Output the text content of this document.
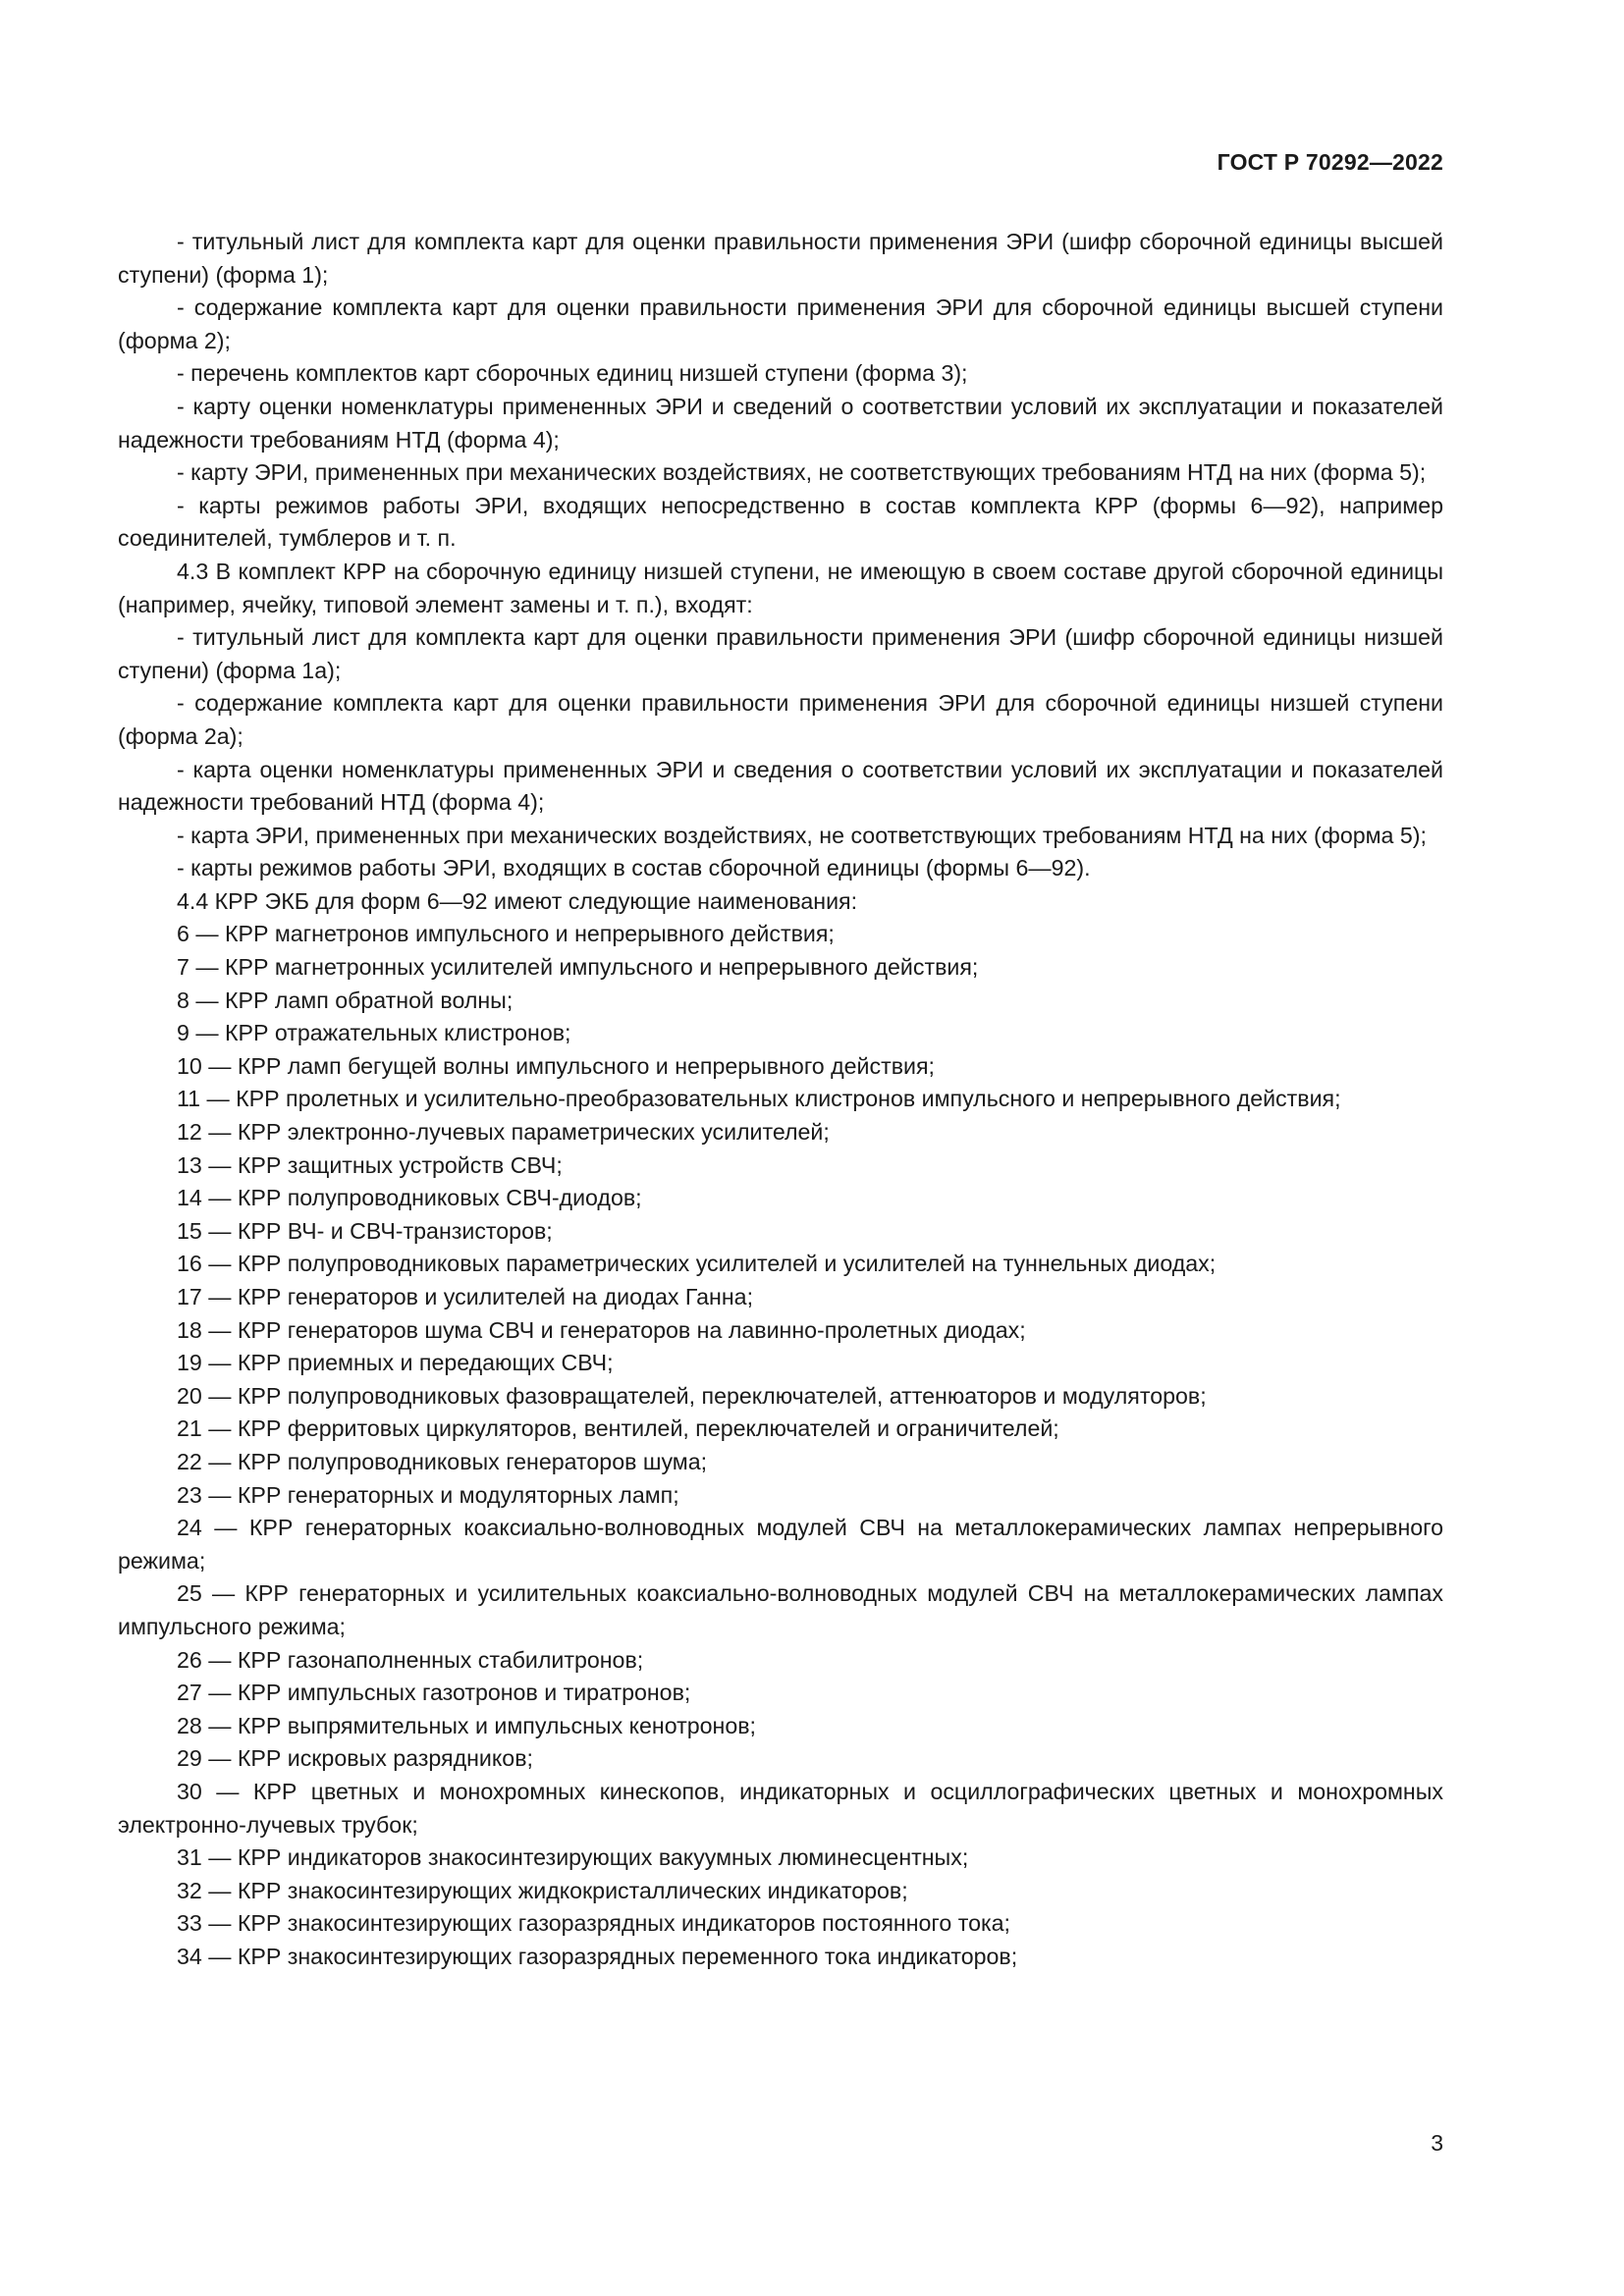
ГОСТ Р 70292—2022

- титульный лист для комплекта карт для оценки правильности применения ЭРИ (шифр сборочной единицы высшей ступени) (форма 1);

- содержание комплекта карт для оценки правильности применения ЭРИ для сборочной единицы высшей ступени (форма 2);

- перечень комплектов карт сборочных единиц низшей ступени (форма 3);

- карту оценки номенклатуры примененных ЭРИ и сведений о соответствии условий их эксплуатации и показателей надежности требованиям НТД (форма 4);

- карту ЭРИ, примененных при механических воздействиях, не соответствующих требованиям НТД на них (форма 5);

- карты режимов работы ЭРИ, входящих непосредственно в состав комплекта КРР (формы 6—92), например соединителей, тумблеров и т. п.

4.3 В комплект КРР на сборочную единицу низшей ступени, не имеющую в своем составе другой сборочной единицы (например, ячейку, типовой элемент замены и т. п.), входят:

- титульный лист для комплекта карт для оценки правильности применения ЭРИ (шифр сборочной единицы низшей ступени) (форма 1а);

- содержание комплекта карт для оценки правильности применения ЭРИ для сборочной единицы низшей ступени (форма 2а);

- карта оценки номенклатуры примененных ЭРИ и сведения о соответствии условий их эксплуатации и показателей надежности требований НТД (форма 4);

- карта ЭРИ, примененных при механических воздействиях, не соответствующих требованиям НТД на них (форма 5);

- карты режимов работы ЭРИ, входящих в состав сборочной единицы (формы 6—92).

4.4 КРР ЭКБ для форм 6—92 имеют следующие наименования:

6 — КРР магнетронов импульсного и непрерывного действия;

7 — КРР магнетронных усилителей импульсного и непрерывного действия;

8 — КРР ламп обратной волны;

9 — КРР отражательных клистронов;

10 — КРР ламп бегущей волны импульсного и непрерывного действия;

11 — КРР пролетных и усилительно-преобразовательных клистронов импульсного и непрерывного действия;

12 — КРР электронно-лучевых параметрических усилителей;

13 — КРР защитных устройств СВЧ;

14 — КРР полупроводниковых СВЧ-диодов;

15 — КРР ВЧ- и СВЧ-транзисторов;

16 — КРР полупроводниковых параметрических усилителей и усилителей на туннельных диодах;

17 — КРР генераторов и усилителей на диодах Ганна;

18 — КРР генераторов шума СВЧ и генераторов на лавинно-пролетных диодах;

19 — КРР приемных и передающих СВЧ;

20 — КРР полупроводниковых фазовращателей, переключателей, аттенюаторов и модуляторов;

21 — КРР ферритовых циркуляторов, вентилей, переключателей и ограничителей;

22 — КРР полупроводниковых генераторов шума;

23 — КРР генераторных и модуляторных ламп;

24 — КРР генераторных коаксиально-волноводных модулей СВЧ на металлокерамических лампах непрерывного режима;

25 — КРР генераторных и усилительных коаксиально-волноводных модулей СВЧ на металлокерамических лампах импульсного режима;

26 — КРР газонаполненных стабилитронов;

27 — КРР импульсных газотронов и тиратронов;

28 — КРР выпрямительных и импульсных кенотронов;

29 — КРР искровых разрядников;

30 — КРР цветных и монохромных кинескопов, индикаторных и осциллографических цветных и монохромных электронно-лучевых трубок;

31 — КРР индикаторов знакосинтезирующих вакуумных люминесцентных;

32 — КРР знакосинтезирующих жидкокристаллических индикаторов;

33 — КРР знакосинтезирующих газоразрядных индикаторов постоянного тока;

34 — КРР знакосинтезирующих газоразрядных переменного тока индикаторов;

3
